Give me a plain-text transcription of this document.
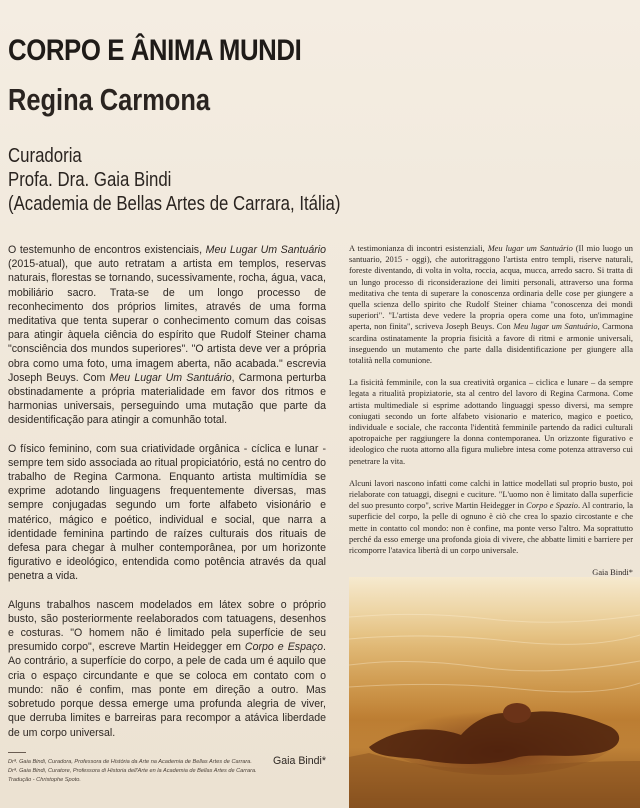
CORPO E ÂNIMA MUNDI
Regina Carmona
Curadoria
Profa. Dra. Gaia Bindi
(Academia de Bellas Artes de Carrara, Itália)

O testemunho de encontros existenciais, Meu Lugar Um Santuário (2015-atual), que auto retratam a artista em templos, reservas naturais, florestas se tornando, sucessivamente, rocha, água, vaca, mobiliário sacro. Trata-se de um longo processo de reconhecimento dos próprios limites, através de uma forma meditativa que tenta superar o conhecimento comum das coisas para atingir àquela ciência do espírito que Rudolf Steiner chama "consciência dos mundos superiores". "O artista deve ver a própria obra como uma foto, uma imagem aberta, não acabada." escrevia Joseph Beuys. Com Meu Lugar Um Santuário, Carmona perturba obstinadamente a própria materialidade em favor dos ritmos e harmonias universais, perseguindo uma mutação que parte da desidentificação para atingir a comunhão total.

O físico feminino, com sua criatividade orgânica - cíclica e lunar - sempre tem sido associada ao ritual propiciatório, está no centro do trabalho de Regina Carmona. Enquanto artista multimídia se exprime adotando linguagens frequentemente diversas, mas sempre conjugadas segundo um forte alfabeto visionário e matérico, mágico e poético, individual e social, que narra a identidade feminina partindo de raízes culturais dos rituais de defesa para chegar à mulher contemporânea, por um horizonte figurativo e ideológico, entendida como potência através da qual penetra a vida.

Alguns trabalhos nascem modelados em látex sobre o próprio busto, são posteriormente reelaborados com tatuagens, desenhos e costuras. "O homem não é limitado pela superfície de seu presumido corpo", escreve Martin Heidegger em Corpo e Espaço. Ao contrário, a superfície do corpo, a pele de cada um é aquilo que cria o espaço circundante e que se coloca em contato com o mundo: não é confim, mas ponte em direção a outro. Mas sobretudo porque dessa emerge uma profunda alegria de viver, que derruba limites e barreiras para recompor a atávica liberdade de um corpo universal.

Gaia Bindi*

A testimonianza di incontri esistenziali, Meu lugar um Santuário (Il mio luogo un santuario, 2015 - oggi), che autoritraggono l'artista entro templi, riserve naturali, foreste diventando, di volta in volta, roccia, acqua, mucca, arredo sacro. Si tratta di un lungo processo di riconsiderazione dei limiti personali, attraverso una forma meditativa che tenta di superare la conoscenza ordinaria delle cose per giungere a quella scienza dello spirito che Rudolf Steiner chiama "conoscenza dei mondi superiori". "L'artista deve vedere la propria opera come una foto, un'immagine aperta, non finita", scriveva Joseph Beuys. Con Meu lugar um Santuário, Carmona scardina ostinatamente la propria fisicità a favore di ritmi e armonie universali, inseguendo un mutamento che parte dalla disidentificazione per giungere alla totalità nella comunione.

La fisicità femminile, con la sua creatività organica – ciclica e lunare – da sempre legata a ritualità propiziatorie, sta al centro del lavoro di Regina Carmona. Come artista multimediale si esprime adottando linguaggi spesso diversi, ma sempre coniugati secondo un forte alfabeto visionario e materico, magico e poetico, individuale e sociale, che racconta l'identità femminile partendo da radici culturali apotropaiche per raggiungere la donna contemporanea. Un orizzonte figurativo e ideologico che ruota attorno alla figura muliebre intesa come potenza attraverso cui penetrare la vita.

Alcuni lavori nascono infatti come calchi in lattice modellati sul proprio busto, poi rielaborate con tatuaggi, disegni e cuciture. "L'uomo non è limitato dalla superficie del suo presunto corpo", scrive Martin Heidegger in Corpo e Spazio. Al contrario, la superficie del corpo, la pelle di ognuno è ciò che crea lo spazio circostante e che mette in contatto col mondo: non è confine, ma ponte verso l'altro. Ma soprattutto perché da esso emerge una profonda gioia di vivere, che abbatte limiti e barriere per ricomporre l'atavica libertà di un corpo universale.

Gaia Bindi*
Drª. Gaia Bindi, Curadora, Professora de História da Arte na Academia de Bellas Artes de Carrara.
Drª. Gaia Bindi, Curatore, Professora di Historia dell'Arte en la Academia de Bellas Artes de Carrara.
Tradução - Christophe Spoto.
